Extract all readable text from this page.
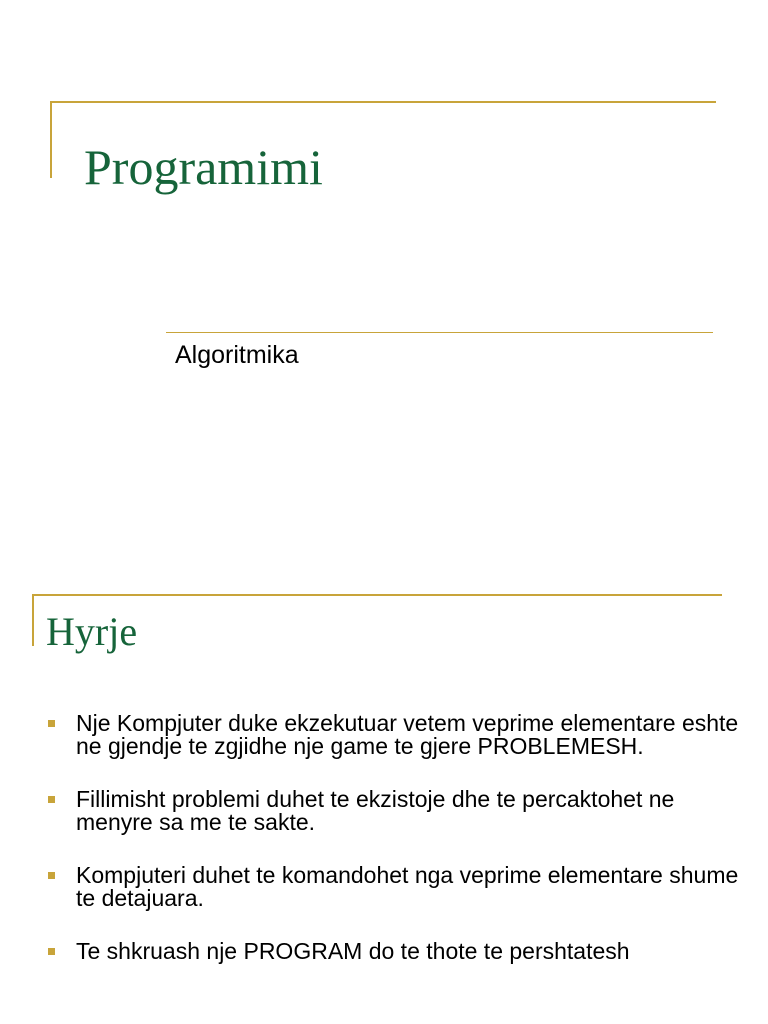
Programimi
Algoritmika
Hyrje
Nje Kompjuter duke ekzekutuar vetem veprime elementare eshte ne gjendje te zgjidhe nje game te gjere PROBLEMESH.
Fillimisht problemi duhet te ekzistoje dhe te percaktohet ne menyre sa me te sakte.
Kompjuteri duhet te komandohet nga veprime elementare shume te detajuara.
Te shkruash nje PROGRAM do te thote te pershtatesh
